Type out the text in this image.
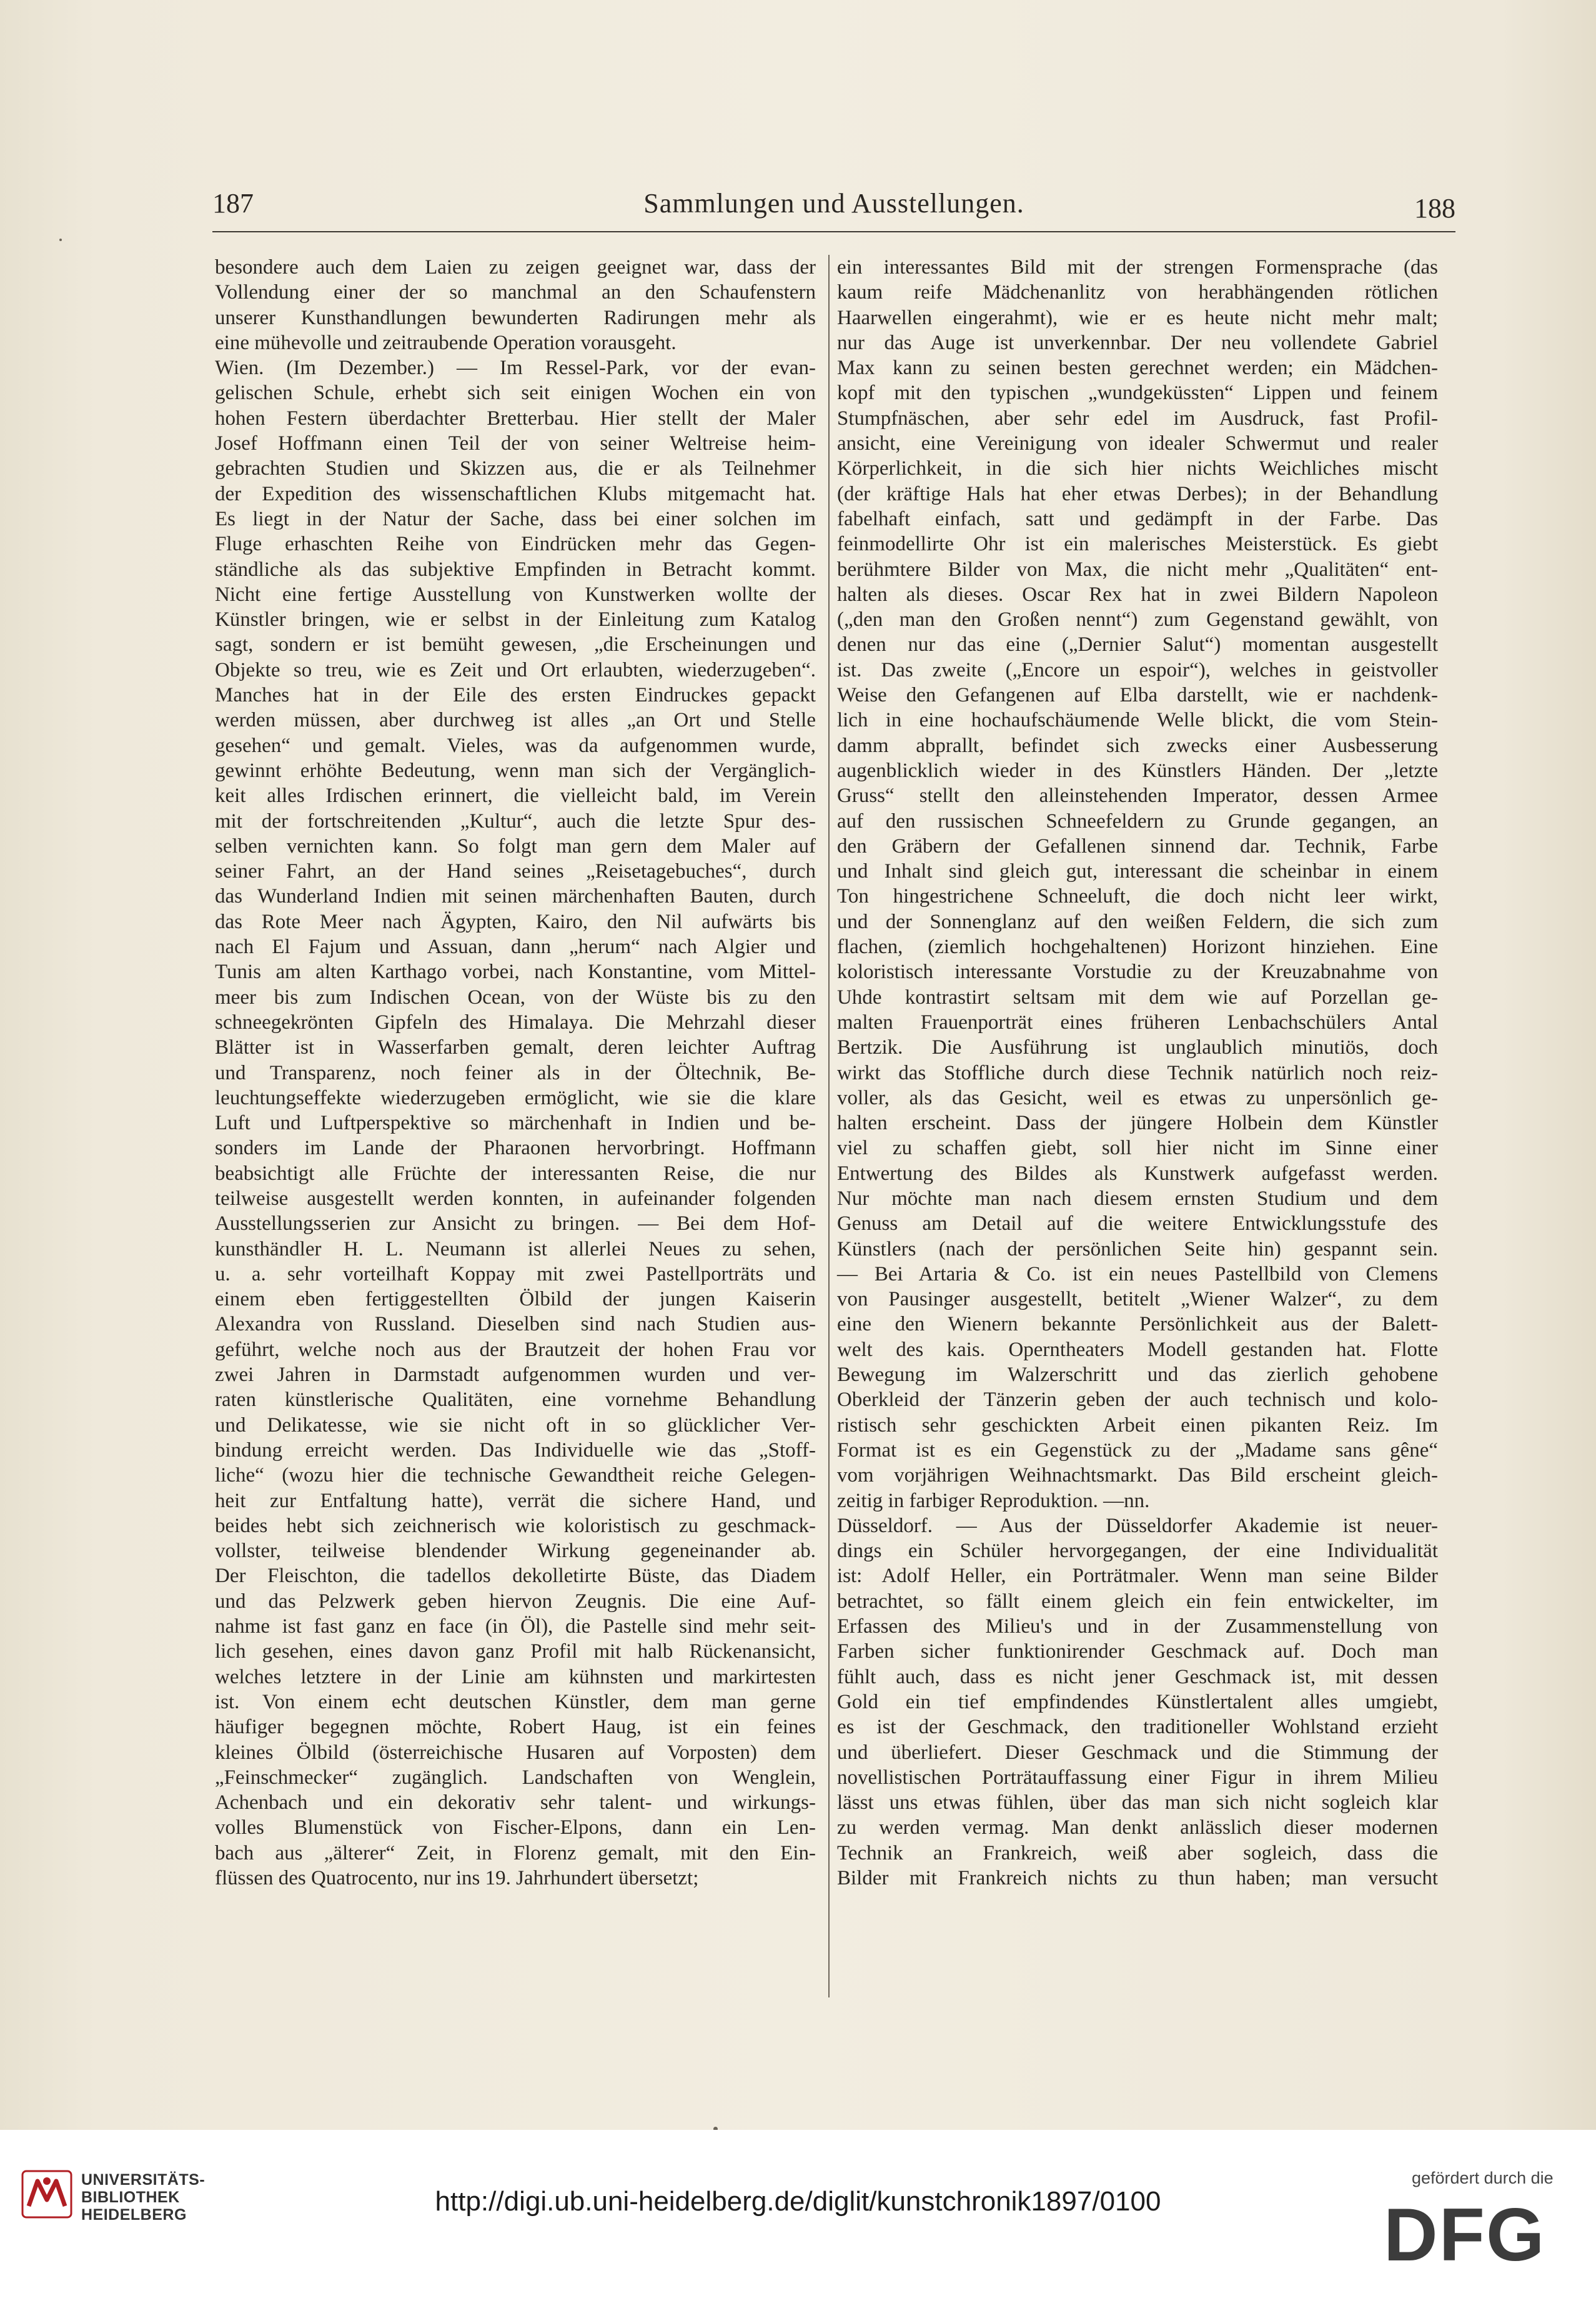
Sammlungen und Ausstellungen.
187	188
besondere auch dem Laien zu zeigen geeignet war, dass der
Vollendung einer der so manchmal an den Schaufenstern
unserer Kunsthandlungen bewunderten Radirungen mehr als
eine mühevolle und zeitraubende Operation vorausgeht.
Wien. (Im Dezember.) — Im Ressel-Park, vor der evan-
gelischen Schule, erhebt sich seit einigen Wochen ein von
hohen Festern überdachter Bretterbau. Hier stellt der Maler
Josef Hoffmann einen Teil der von seiner Weltreise heim-
gebrachten Studien und Skizzen aus, die er als Teilnehmer
der Expedition des wissenschaftlichen Klubs mitgemacht hat.
Es liegt in der Natur der Sache, dass bei einer solchen im
Fluge erhaschten Reihe von Eindrücken mehr das Gegen-
ständliche als das subjektive Empfinden in Betracht kommt.
Nicht eine fertige Ausstellung von Kunstwerken wollte der
Künstler bringen, wie er selbst in der Einleitung zum Katalog
sagt, sondern er ist bemüht gewesen, „die Erscheinungen und
Objekte so treu, wie es Zeit und Ort erlaubten, wiederzugeben“.
Manches hat in der Eile des ersten Eindruckes gepackt
werden müssen, aber durchweg ist alles „an Ort und Stelle
gesehen“ und gemalt. Vieles, was da aufgenommen wurde,
gewinnt erhöhte Bedeutung, wenn man sich der Vergänglich-
keit alles Irdischen erinnert, die vielleicht bald, im Verein
mit der fortschreitenden „Kultur“, auch die letzte Spur des-
selben vernichten kann. So folgt man gern dem Maler auf
seiner Fahrt, an der Hand seines „Reisetagebuches“, durch
das Wunderland Indien mit seinen märchenhaften Bauten, durch
das Rote Meer nach Ägypten, Kairo, den Nil aufwärts bis
nach El Fajum und Assuan, dann „herum“ nach Algier und
Tunis am alten Karthago vorbei, nach Konstantine, vom Mittel-
meer bis zum Indischen Ocean, von der Wüste bis zu den
schneegekrönten Gipfeln des Himalaya. Die Mehrzahl dieser
Blätter ist in Wasserfarben gemalt, deren leichter Auftrag
und Transparenz, noch feiner als in der Öltechnik, Be-
leuchtungseffekte wiederzugeben ermöglicht, wie sie die klare
Luft und Luftperspektive so märchenhaft in Indien und be-
sonders im Lande der Pharaonen hervorbringt. Hoffmann
beabsichtigt alle Früchte der interessanten Reise, die nur
teilweise ausgestellt werden konnten, in aufeinander folgenden
Ausstellungsserien zur Ansicht zu bringen. — Bei dem Hof-
kunsthändler H. L. Neumann ist allerlei Neues zu sehen,
u. a. sehr vorteilhaft Koppay mit zwei Pastellporträts und
einem eben fertiggestellten Ölbild der jungen Kaiserin
Alexandra von Russland. Dieselben sind nach Studien aus-
geführt, welche noch aus der Brautzeit der hohen Frau vor
zwei Jahren in Darmstadt aufgenommen wurden und ver-
raten künstlerische Qualitäten, eine vornehme Behandlung
und Delikatesse, wie sie nicht oft in so glücklicher Ver-
bindung erreicht werden. Das Individuelle wie das „Stoff-
liche“ (wozu hier die technische Gewandtheit reiche Gelegen-
heit zur Entfaltung hatte), verrät die sichere Hand, und
beides hebt sich zeichnerisch wie koloristisch zu geschmack-
vollster, teilweise blendender Wirkung gegeneinander ab.
Der Fleischton, die tadellos dekolletirte Büste, das Diadem
und das Pelzwerk geben hiervon Zeugnis. Die eine Auf-
nahme ist fast ganz en face (in Öl), die Pastelle sind mehr seit-
lich gesehen, eines davon ganz Profil mit halb Rückenansicht,
welches letztere in der Linie am kühnsten und markirtesten
ist. Von einem echt deutschen Künstler, dem man gerne
häufiger begegnen möchte, Robert Haug, ist ein feines
kleines Ölbild (österreichische Husaren auf Vorposten) dem
„Feinschmecker“ zugänglich. Landschaften von Wenglein,
Achenbach und ein dekorativ sehr talent- und wirkungs-
volles Blumenstück von Fischer-Elpons, dann ein Len-
bach aus „älterer“ Zeit, in Florenz gemalt, mit den Ein-
flüssen des Quatrocento, nur ins 19. Jahrhundert übersetzt;
ein interessantes Bild mit der strengen Formensprache (das
kaum reife Mädchenanlitz von herabhängenden rötlichen
Haarwellen eingerahmt), wie er es heute nicht mehr malt;
nur das Auge ist unverkennbar. Der neu vollendete Gabriel
Max kann zu seinen besten gerechnet werden; ein Mädchen-
kopf mit den typischen „wundgeküssten“ Lippen und feinem
Stumpfnäschen, aber sehr edel im Ausdruck, fast Profil-
ansicht, eine Vereinigung von idealer Schwermut und realer
Körperlichkeit, in die sich hier nichts Weichliches mischt
(der kräftige Hals hat eher etwas Derbes); in der Behandlung
fabelhaft einfach, satt und gedämpft in der Farbe. Das
feinmodellirte Ohr ist ein malerisches Meisterstück. Es giebt
berühmtere Bilder von Max, die nicht mehr „Qualitäten“ ent-
halten als dieses. Oscar Rex hat in zwei Bildern Napoleon
(„den man den Großen nennt“) zum Gegenstand gewählt, von
denen nur das eine („Dernier Salut“) momentan ausgestellt
ist. Das zweite („Encore un espoir“), welches in geistvoller
Weise den Gefangenen auf Elba darstellt, wie er nachdenk-
lich in eine hochaufschäumende Welle blickt, die vom Stein-
damm abprallt, befindet sich zwecks einer Ausbesserung
augenblicklich wieder in des Künstlers Händen. Der „letzte
Gruss“ stellt den alleinstehenden Imperator, dessen Armee
auf den russischen Schneefeldern zu Grunde gegangen, an
den Gräbern der Gefallenen sinnend dar. Technik, Farbe
und Inhalt sind gleich gut, interessant die scheinbar in einem
Ton hingestrichene Schneeluft, die doch nicht leer wirkt,
und der Sonnenglanz auf den weißen Feldern, die sich zum
flachen, (ziemlich hochgehaltenen) Horizont hinziehen. Eine
koloristisch interessante Vorstudie zu der Kreuzabnahme von
Uhde kontrastirt seltsam mit dem wie auf Porzellan ge-
malten Frauenporträt eines früheren Lenbachschülers Antal
Bertzik. Die Ausführung ist unglaublich minutiös, doch
wirkt das Stoffliche durch diese Technik natürlich noch reiz-
voller, als das Gesicht, weil es etwas zu unpersönlich ge-
halten erscheint. Dass der jüngere Holbein dem Künstler
viel zu schaffen giebt, soll hier nicht im Sinne einer
Entwertung des Bildes als Kunstwerk aufgefasst werden.
Nur möchte man nach diesem ernsten Studium und dem
Genuss am Detail auf die weitere Entwicklungsstufe des
Künstlers (nach der persönlichen Seite hin) gespannt sein.
— Bei Artaria & Co. ist ein neues Pastellbild von Clemens
von Pausinger ausgestellt, betitelt „Wiener Walzer“, zu dem
eine den Wienern bekannte Persönlichkeit aus der Balett-
welt des kais. Operntheaters Modell gestanden hat. Flotte
Bewegung im Walzerschritt und das zierlich gehobene
Oberkleid der Tänzerin geben der auch technisch und kolo-
ristisch sehr geschickten Arbeit einen pikanten Reiz. Im
Format ist es ein Gegenstück zu der „Madame sans gêne“
vom vorjährigen Weihnachtsmarkt. Das Bild erscheint gleich-
zeitig in farbiger Reproduktion. —nn.
Düsseldorf. — Aus der Düsseldorfer Akademie ist neuer-
dings ein Schüler hervorgegangen, der eine Individualität
ist: Adolf Heller, ein Porträtmaler. Wenn man seine Bilder
betrachtet, so fällt einem gleich ein fein entwickelter, im
Erfassen des Milieu's und in der Zusammenstellung von
Farben sicher funktionirender Geschmack auf. Doch man
fühlt auch, dass es nicht jener Geschmack ist, mit dessen
Gold ein tief empfindendes Künstlertalent alles umgiebt,
es ist der Geschmack, den traditioneller Wohlstand erzieht
und überliefert. Dieser Geschmack und die Stimmung der
novellistischen Porträtauffassung einer Figur in ihrem Milieu
lässt uns etwas fühlen, über das man sich nicht sogleich klar
zu werden vermag. Man denkt anlässlich dieser modernen
Technik an Frankreich, weiß aber sogleich, dass die
Bilder mit Frankreich nichts zu thun haben; man versucht
UNIVERSITÄTS-
BIBLIOTHEK
HEIDELBERG	http://digi.ub.uni-heidelberg.de/diglit/kunstchronik1897/0100
gefördert durch die
DFG
